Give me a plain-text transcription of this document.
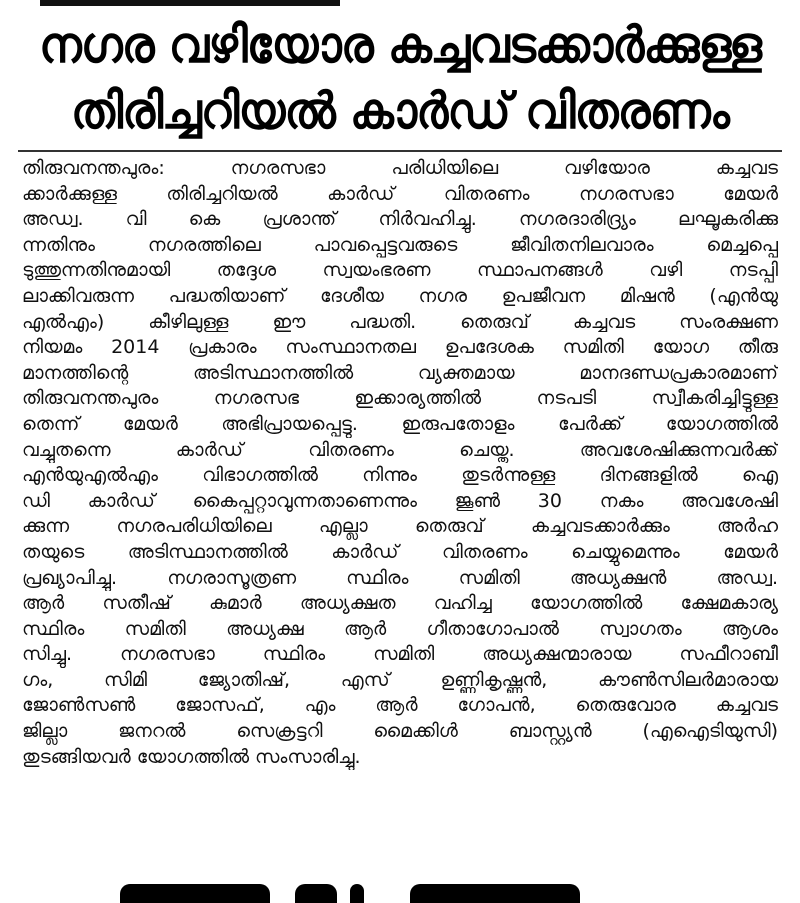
നഗര വഴിയോര കച്ചവടക്കാർക്കുള്ള
തിരിച്ചറിയൽ കാർഡ് വിതരണം
തിരുവനന്തപുരം: നഗരസഭാ പരിധിയിലെ വഴിയോര കച്ചവട
ക്കാർക്കുള്ള തിരിച്ചറിയൽ കാർഡ് വിതരണം നഗരസഭാ മേയർ
അഡ്വ. വി കെ പ്രശാന്ത് നിർവഹിച്ചു. നഗരദാരിദ്ര്യം ലഘൂകരിക്കു
ന്നതിനും നഗരത്തിലെ പാവപ്പെട്ടവരുടെ ജീവിതനിലവാരം മെച്ചപ്പെ
ടുത്തുന്നതിനുമായി തദ്ദേശ സ്വയംഭരണ സ്ഥാപനങ്ങൾ വഴി നടപ്പി
ലാക്കിവരുന്ന പദ്ധതിയാണ് ദേശീയ നഗര ഉപജീവന മിഷൻ (എൻയു
എൽഎം) കീഴിലുള്ള ഈ പദ്ധതി. തെരുവ് കച്ചവട സംരക്ഷണ
നിയമം 2014 പ്രകാരം സംസ്ഥാനതല ഉപദേശക സമിതി യോഗ തീരു
മാനത്തിന്റെ അടിസ്ഥാനത്തിൽ വ്യക്തമായ മാനദണ്ഡപ്രകാരമാണ്
തിരുവനന്തപുരം നഗരസഭ ഇക്കാര്യത്തിൽ നടപടി സ്വീകരിച്ചിട്ടുള്ള
തെന്ന് മേയർ അഭിപ്രായപ്പെട്ടു. ഇരുപതോളം പേർക്ക് യോഗത്തിൽ
വച്ചുതന്നെ കാർഡ് വിതരണം ചെയ്തു. അവശേഷിക്കുന്നവർക്ക്
എൻയുഎൽഎം വിഭാഗത്തിൽ നിന്നും തുടർന്നുള്ള ദിനങ്ങളിൽ ഐ
ഡി കാർഡ് കൈപ്പറ്റാവുന്നതാണെന്നും ജൂൺ 30 നകം അവശേഷി
ക്കുന്ന നഗരപരിധിയിലെ എല്ലാ തെരുവ് കച്ചവടക്കാർക്കും അർഹ
തയുടെ അടിസ്ഥാനത്തിൽ കാർഡ് വിതരണം ചെയ്യുമെന്നും മേയർ
പ്രഖ്യാപിച്ചു. നഗരാസൂത്രണ സ്ഥിരം സമിതി അധ്യക്ഷൻ അഡ്വ.
ആർ സതീഷ് കുമാർ അധ്യക്ഷത വഹിച്ച യോഗത്തിൽ ക്ഷേമകാര്യ
സ്ഥിരം സമിതി അധ്യക്ഷ ആർ ഗീതാഗോപാൽ സ്വാഗതം ആശം
സിച്ചു. നഗരസഭാ സ്ഥിരം സമിതി അധ്യക്ഷന്മാരായ സഫീറാബീ
ഗം, സിമി ജ്യോതിഷ്, എസ് ഉണ്ണികൃഷ്ണൻ, കൗൺസിലർമാരായ
ജോൺസൺ ജോസഫ്, എം ആർ ഗോപൻ, തെരുവോര കച്ചവട
ജില്ലാ ജനറൽ സെക്രട്ടറി മൈക്കിൾ ബാസ്റ്റ്യൻ (എഐടിയുസി)
തുടങ്ങിയവർ യോഗത്തിൽ സംസാരിച്ചു.
